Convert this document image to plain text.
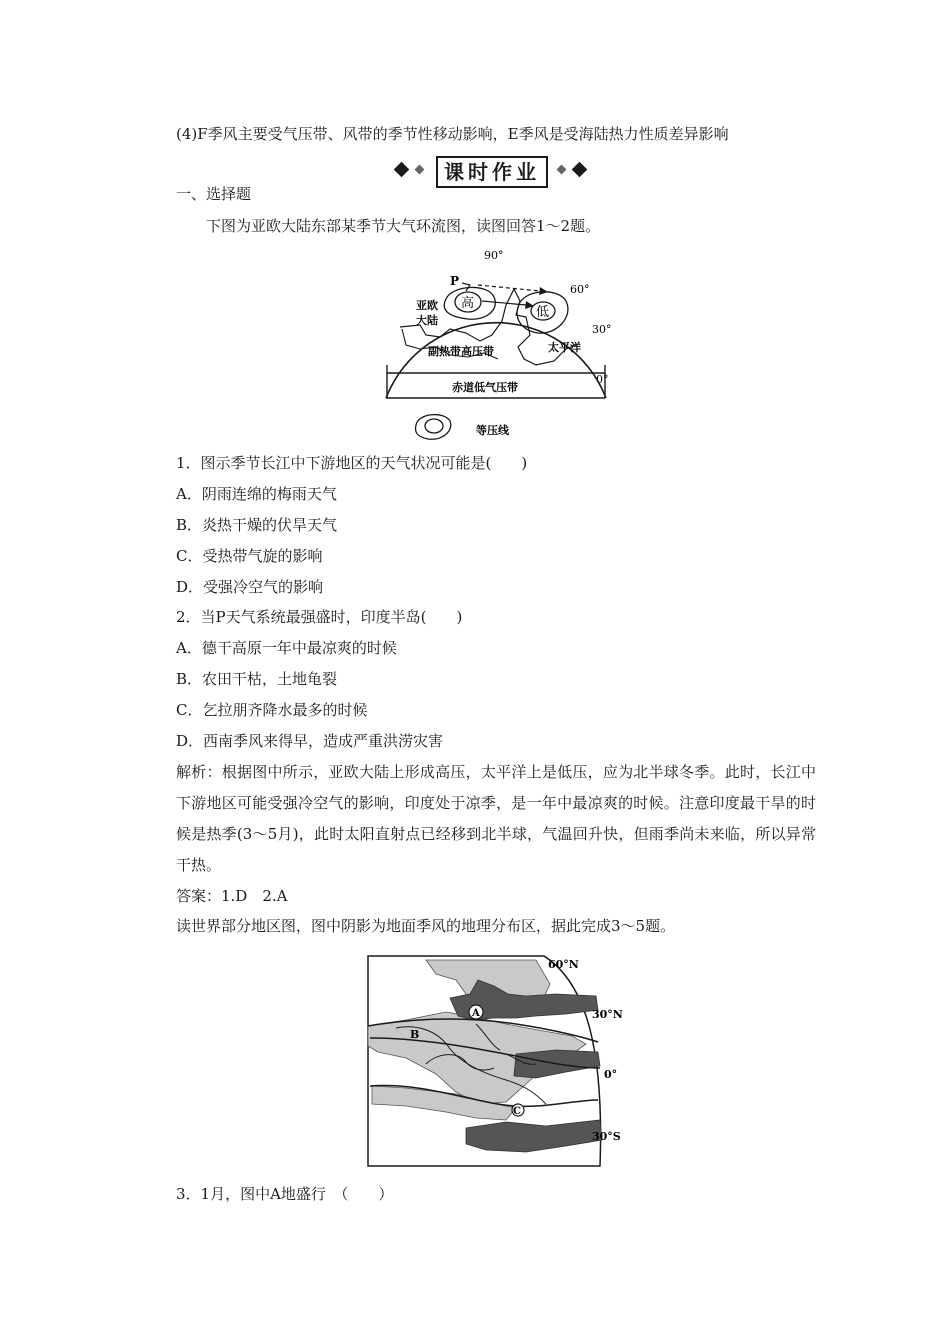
(4)F季风主要受气压带、风带的季节性移动影响，E季风是受海陆热力性质差异影响
课时作业
一、选择题
下图为亚欧大陆东部某季节大气环流图，读图回答1～2题。
高
低
90°
60°
30°
0°
P
亚欧
大陆
副热带高压带	太平洋
赤道低气压带
等压线
1．图示季节长江中下游地区的天气状况可能是(　　)
A．阴雨连绵的梅雨天气
B．炎热干燥的伏旱天气
C．受热带气旋的影响
D．受强冷空气的影响
2．当P天气系统最强盛时，印度半岛(　　)
A．德干高原一年中最凉爽的时候
B．农田干枯，土地龟裂
C．乞拉朋齐降水最多的时候
D．西南季风来得早，造成严重洪涝灾害
解析：根据图中所示，亚欧大陆上形成高压，太平洋上是低压，应为北半球冬季。此时，长江中下游地区可能受强冷空气的影响，印度处于凉季，是一年中最凉爽的时候。注意印度最干旱的时候是热季(3～5月)，此时太阳直射点已经移到北半球，气温回升快，但雨季尚未来临，所以异常干热。
答案：1.D　2.A
读世界部分地区图，图中阴影为地面季风的地理分布区，据此完成3～5题。
A
B
C
60°N
30°N
0°
30°S
3．1月，图中A地盛行　（　　）
